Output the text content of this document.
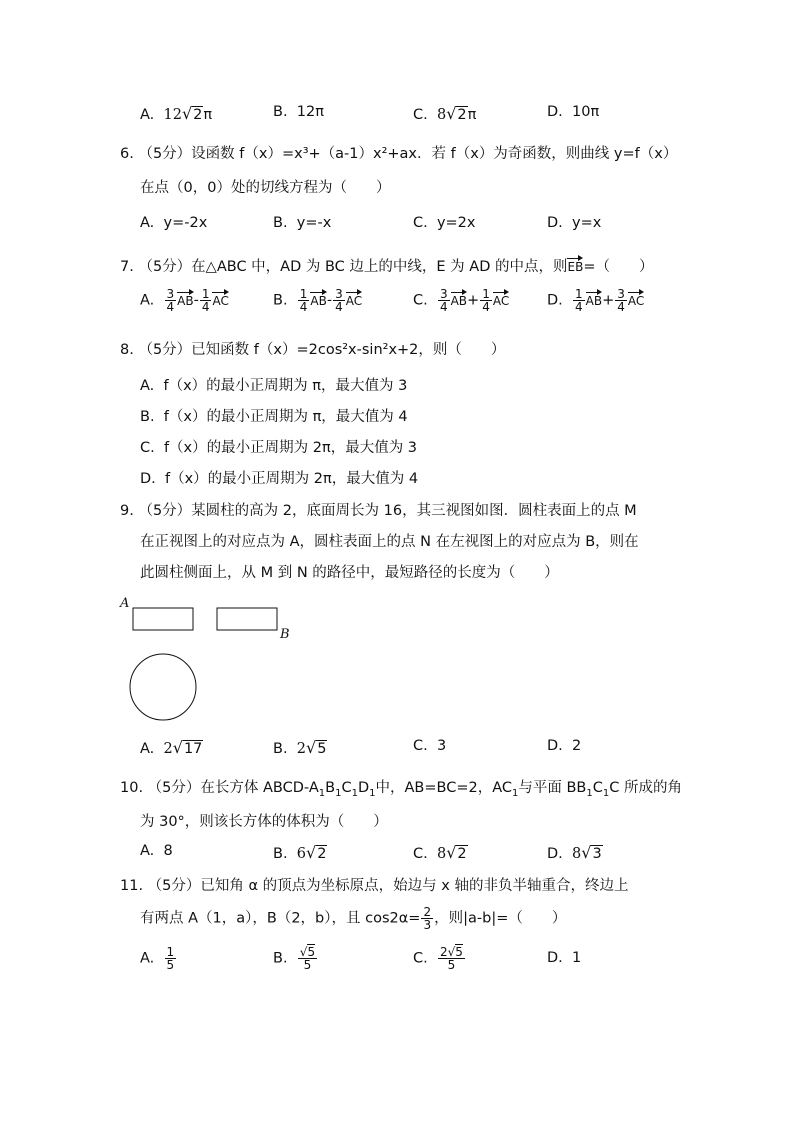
A. 12√2π	B. 12π	C. 8√2π	D. 10π
6. （5分）设函数 f（x）=x³+（a-1）x²+ax．若 f（x）为奇函数，则曲线 y=f（x）
在点（0，0）处的切线方程为（　　）
A. y=-2x	B. y=-x	C. y=2x	D. y=x
7. （5分）在△ABC 中，AD 为 BC 边上的中线，E 为 AD 的中点，则EB=（　　）
A. $\frac{3}{4} AB- \frac{1}{4}$ AC	B. $\frac{1}{4} AB- \frac{3}{4}$ AC	C. $\frac{3}{4} AB+ \frac{1}{4}$ AC	D. $\frac{1}{4} AB+ \frac{3}{4}$ AC
8. （5分）已知函数 f（x）=2cos²x-sin²x+2，则（　　）
A. f（x）的最小正周期为 π，最大值为 3
B. f（x）的最小正周期为 π，最大值为 4
C. f（x）的最小正周期为 2π，最大值为 3
D. f（x）的最小正周期为 2π，最大值为 4
9. （5分）某圆柱的高为 2，底面周长为 16，其三视图如图．圆柱表面上的点 M
在正视图上的对应点为 A，圆柱表面上的点 N 在左视图上的对应点为 B，则在
此圆柱侧面上，从 M 到 N 的路径中，最短路径的长度为（　　）
A
B
A. 2√17	B. 2√5	C. 3	D. 2
10. （5分）在长方体 ABCD-$A_1B_1C_1D_1$中，AB=BC=2，$AC_1$与平面 $BB_1C_1C$ 所成的角
为 30°，则该长方体的体积为（　　）
A. 8	B. 6√2	C. 8√2	D. 8√3
11. （5分）已知角 α 的顶点为坐标原点，始边与 x 轴的非负半轴重合，终边上
有两点 A（1，a），B（2，b），且 $\cos 2\alpha= \frac{2}{3}$ ，则|a-b|=（　　）
A. $\frac{1}{5}$	B. $\frac{√5}{5}$	C. $\frac{2√5}{5}$	D. 1
